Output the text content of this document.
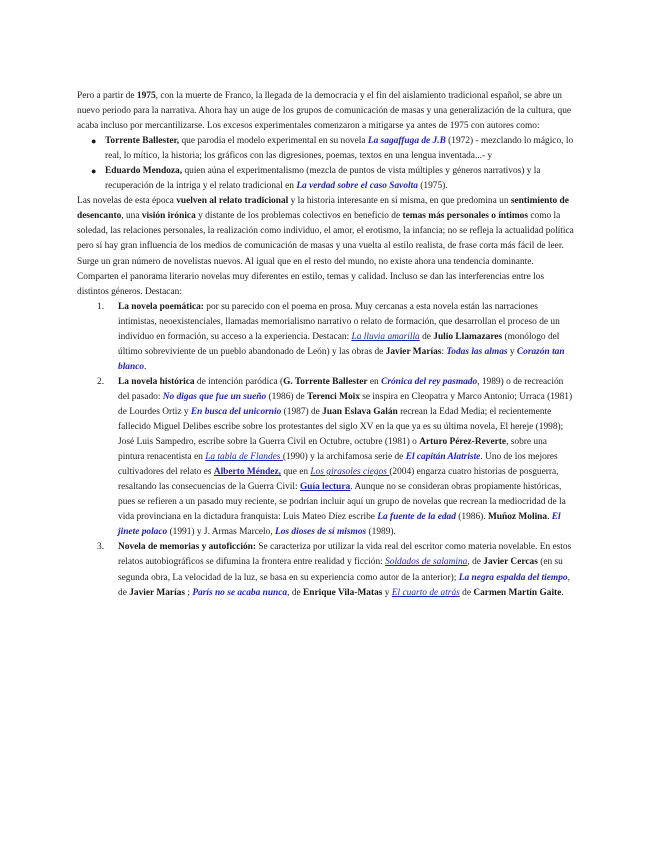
Pero a partir de 1975, con la muerte de Franco, la llegada de la democracia y el fin del aislamiento tradicional español, se abre un nuevo periodo para la narrativa. Ahora hay un auge de los grupos de comunicación de masas y una generalización de la cultura, que acaba incluso por mercantilizarse. Los excesos experimentales comenzaron a mitigarse ya antes de 1975 con autores como:

● Torrente Ballester, que parodia el modelo experimental en su novela La sagaffuga de J.B (1972) - mezclando lo mágico, lo real, lo mítico, la historia; los gráficos con las digresiones, poemas, textos en una lengua inventada...- y
● Eduardo Mendoza, quien aúna el experimentalismo (mezcla de puntos de vista múltiples y géneros narrativos) y la recuperación de la intriga y el relato tradicional en La verdad sobre el caso Savolta (1975).

Las novelas de esta época vuelven al relato tradicional y la historia interesante en sí misma, en que predomina un sentimiento de desencanto, una visión irónica y distante de los problemas colectivos en beneficio de temas más personales o íntimos como la soledad, las relaciones personales, la realización como individuo, el amor, el erotismo, la infancia; no se refleja la actualidad política pero sí hay gran influencia de los medios de comunicación de masas y una vuelta al estilo realista, de frase corta más fácil de leer. Surge un gran número de novelistas nuevos. Al igual que en el resto del mundo, no existe ahora una tendencia dominante. Comparten el panorama literario novelas muy diferentes en estilo, temas y calidad. Incluso se dan las interferencias entre los distintos géneros. Destacan:

1. La novela poemática: por su parecido con el poema en prosa. Muy cercanas a esta novela están las narraciones intimistas, neoexistenciales, llamadas memorialismo narrativo o relato de formación, que desarrollan el proceso de un individuo en formación, su acceso a la experiencia. Destacan: La lluvia amarilla de Julio Llamazares (monólogo del último sobreviviente de un pueblo abandonado de León) y las obras de Javier Marías: Todas las almas y Corazón tan blanco.
2. La novela histórica de intención paródica (G. Torrente Ballester en Crónica del rey pasmado, 1989) o de recreación del pasado: No digas que fue un sueño (1986) de Terenci Moix se inspira en Cleopatra y Marco Antonio; Urraca (1981) de Lourdes Ortiz y En busca del unicornio (1987) de Juan Eslava Galán recrean la Edad Media; el recientemente fallecido Miguel Delibes escribe sobre los protestantes del siglo XV en la que ya es su última novela, El hereje (1998); José Luis Sampedro, escribe sobre la Guerra Civil en Octubre, octubre (1981) o Arturo Pérez-Reverte, sobre una pintura renacentista en La tabla de Flandes (1990) y la archifamosa serie de El capitán Alatriste. Uno de los mejores cultivadores del relato es Alberto Méndez, que en Los girasoles ciegos (2004) engarza cuatro historias de posguerra, resaltando las consecuencias de la Guerra Civil: Guía lectura. Aunque no se consideran obras propiamente históricas, pues se refieren a un pasado muy reciente, se podrían incluir aquí un grupo de novelas que recrean la mediocridad de la vida provinciana en la dictadura franquista: Luis Mateo Díez escribe La fuente de la edad (1986). Muñoz Molina. El jinete polaco (1991) y J. Armas Marcelo, Los dioses de sí mismos (1989).
3. Novela de memorias y autoficción: Se caracteriza por utilizar la vida real del escritor como materia novelable. En estos relatos autobiográficos se difumina la frontera entre realidad y ficción: Soldados de salamina, de Javier Cercas (en su segunda obra, La velocidad de la luz, se basa en su experiencia como autor de la anterior); La negra espalda del tiempo, de Javier Marías ; París no se acaba nunca, de Enrique Vila-Matas y El cuarto de atrás de Carmen Martín Gaite.
